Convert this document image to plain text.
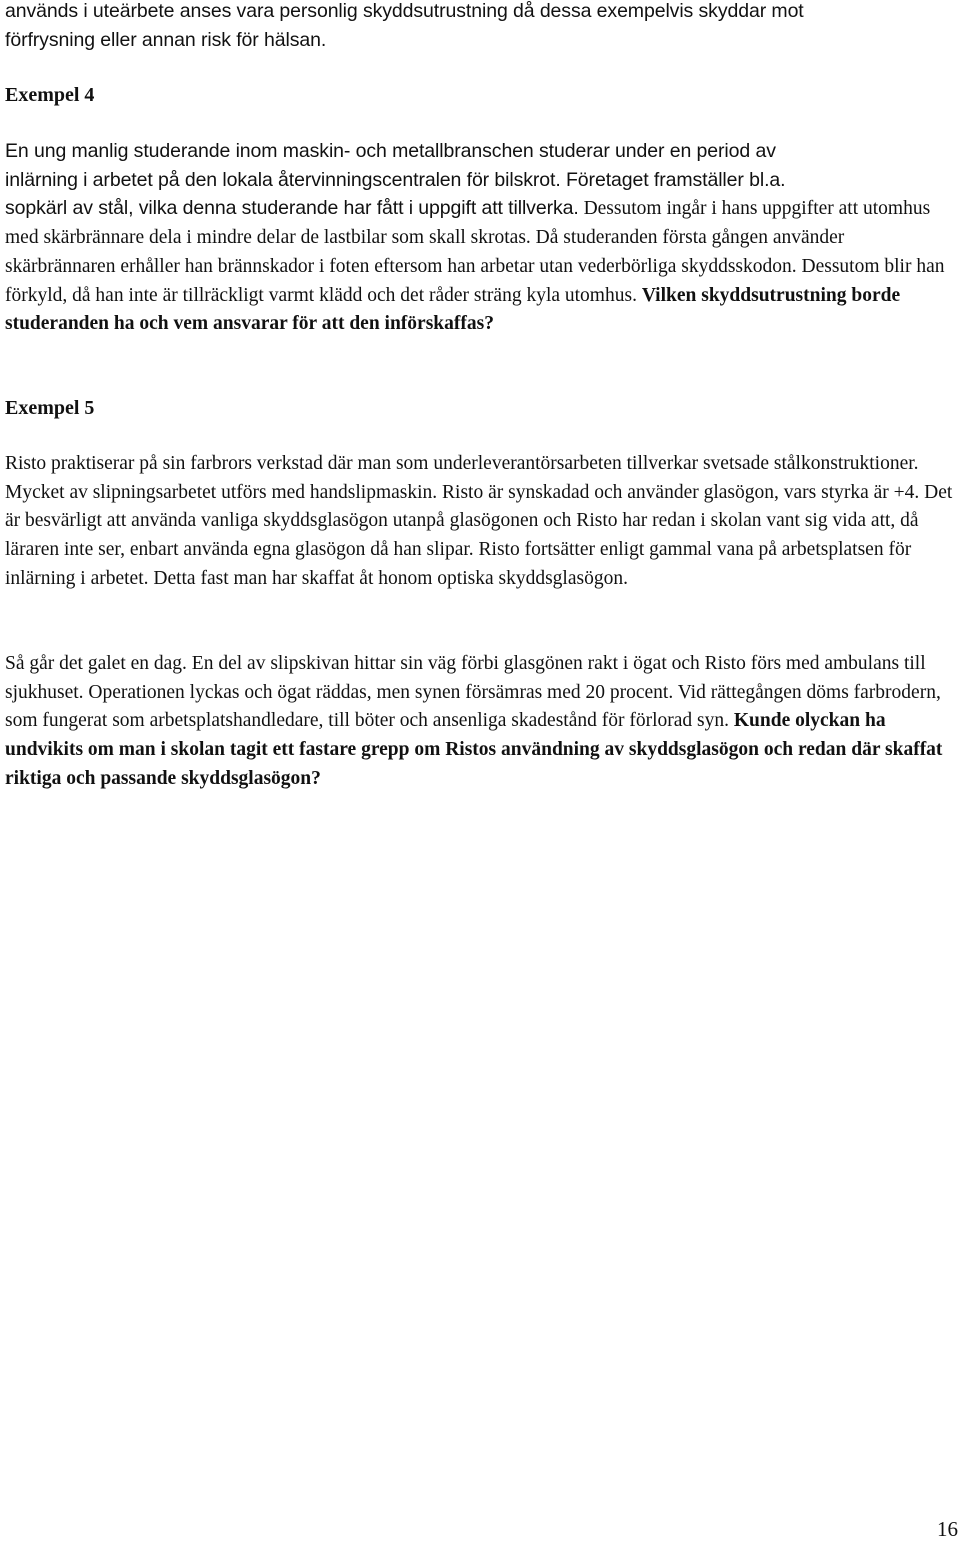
används i uteärbete anses vara personlig skyddsutrustning då dessa exempelvis skyddar mot

förfrysning eller annan risk för hälsan.

Exempel 4

En ung manlig studerande inom maskin- och metallbranschen studerar under en period av

inlärning i arbetet på den lokala återvinningscentralen för bilskrot. Företaget framställer bl.a.

sopkärl av stål, vilka denna studerande har fått i uppgift att tillverka. Dessutom ingår i hans uppgifter att utomhus med skärbrännare dela i mindre delar de lastbilar som skall skrotas. Då studeranden första gången använder skärbrännaren erhåller han brännskador i foten eftersom han arbetar utan vederbörliga skyddsskodon. Dessutom blir han förkyld, då han inte är tillräckligt varmt klädd och det råder sträng kyla utomhus. Vilken skyddsutrustning borde studeranden ha och vem ansvarar för att den införskaffas?

Exempel 5

Risto praktiserar på sin farbrors verkstad där man som underleverantörsarbeten tillverkar svetsade stålkonstruktioner. Mycket av slipningsarbetet utförs med handslipmaskin. Risto är synskadad och använder glasögon, vars styrka är +4. Det är besvärligt att använda vanliga skyddsglasögon utanpå glasögonen och Risto har redan i skolan vant sig vida att, då läraren inte ser, enbart använda egna glasögon då han slipar. Risto fortsätter enligt gammal vana på arbetsplatsen för inlärning i arbetet. Detta fast man har skaffat åt honom optiska skyddsglasögon.

Så går det galet en dag. En del av slipskivan hittar sin väg förbi glasgönen rakt i ögat och Risto förs med ambulans till sjukhuset. Operationen lyckas och ögat räddas, men synen försämras med 20 procent. Vid rättegången döms farbrodern, som fungerat som arbetsplatshandledare, till böter och ansenliga skadestånd för förlorad syn. Kunde olyckan ha undvikits om man i skolan tagit ett fastare grepp om Ristos användning av skyddsglasögon och redan där skaffat riktiga och passande skyddsglasögon?

16
